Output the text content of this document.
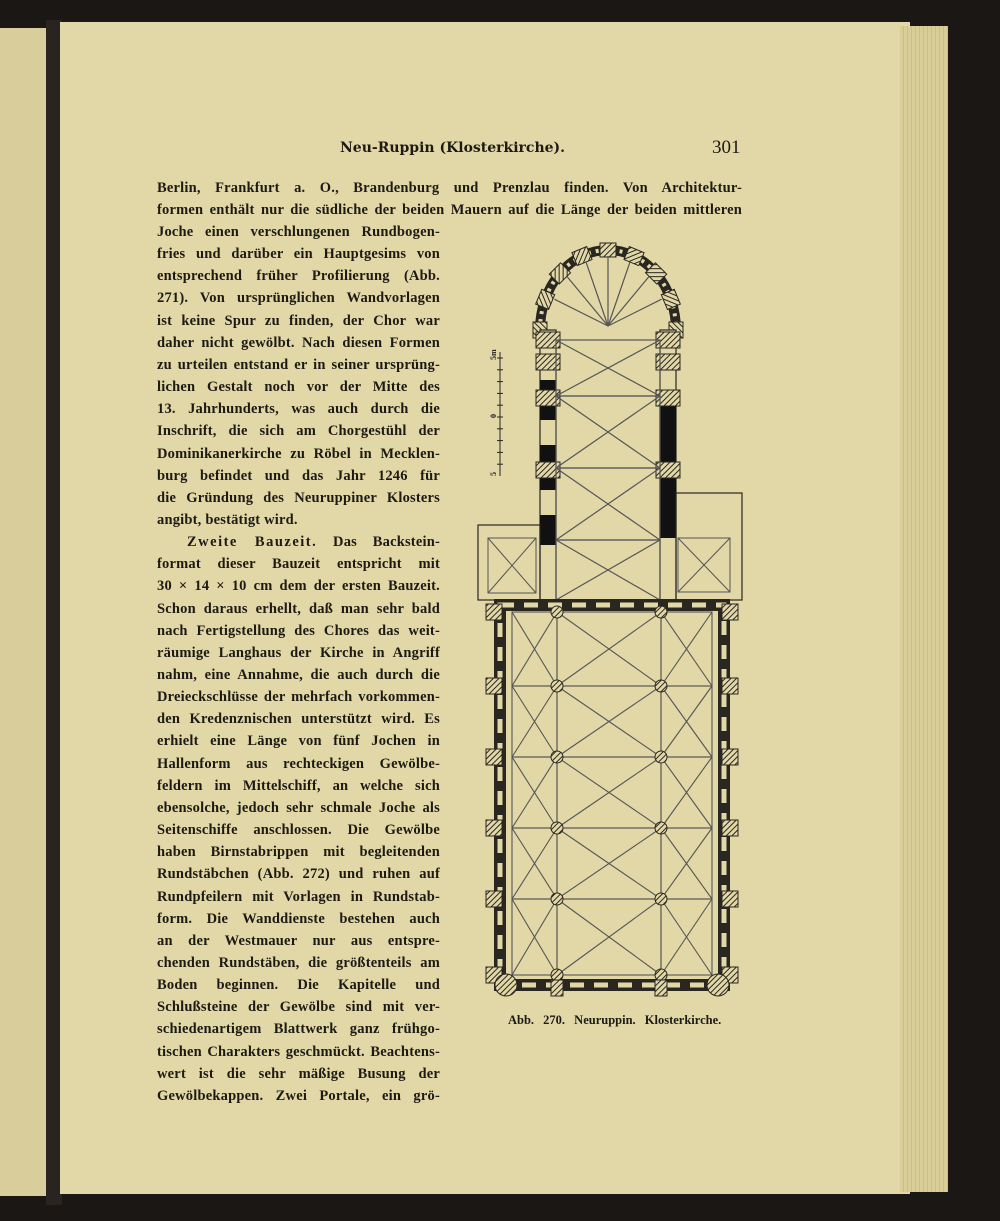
Neu-Ruppin (Klosterkirche).	301
Berlin, Frankfurt a. O., Brandenburg und Prenzlau finden. Von Architektur-
formen enthält nur die südliche der beiden Mauern auf die Länge der beiden mittleren
Joche einen verschlungenen Rundbogen-
fries und darüber ein Hauptgesims von
entsprechend früher Profilierung (Abb.
271). Von ursprünglichen Wandvorlagen
ist keine Spur zu finden, der Chor war
daher nicht gewölbt. Nach diesen Formen
zu urteilen entstand er in seiner ursprüng-
lichen Gestalt noch vor der Mitte des
13. Jahrhunderts, was auch durch die
Inschrift, die sich am Chorgestühl der
Dominikanerkirche zu Röbel in Mecklen-
burg befindet und das Jahr 1246 für
die Gründung des Neuruppiner Klosters
angibt, bestätigt wird.
Zweite Bauzeit. Das Backstein-
format dieser Bauzeit entspricht mit
30 × 14 × 10 cm dem der ersten Bauzeit.
Schon daraus erhellt, daß man sehr bald
nach Fertigstellung des Chores das weit-
räumige Langhaus der Kirche in Angriff
nahm, eine Annahme, die auch durch die
Dreieckschlüsse der mehrfach vorkommen-
den Kredenznischen unterstützt wird. Es
erhielt eine Länge von fünf Jochen in
Hallenform aus rechteckigen Gewölbe-
feldern im Mittelschiff, an welche sich
ebensolche, jedoch sehr schmale Joche als
Seitenschiffe anschlossen. Die Gewölbe
haben Birnstabrippen mit begleitenden
Rundstäbchen (Abb. 272) und ruhen auf
Rundpfeilern mit Vorlagen in Rundstab-
form. Die Wanddienste bestehen auch
an der Westmauer nur aus entspre-
chenden Rundstäben, die größtenteils am
Boden beginnen. Die Kapitelle und
Schlußsteine der Gewölbe sind mit ver-
schiedenartigem Blattwerk ganz frühgo-
tischen Charakters geschmückt. Beachtens-
wert ist die sehr mäßige Busung der
Gewölbekappen. Zwei Portale, ein grö-
5m
0
5
Abb. 270. Neuruppin. Klosterkirche.
